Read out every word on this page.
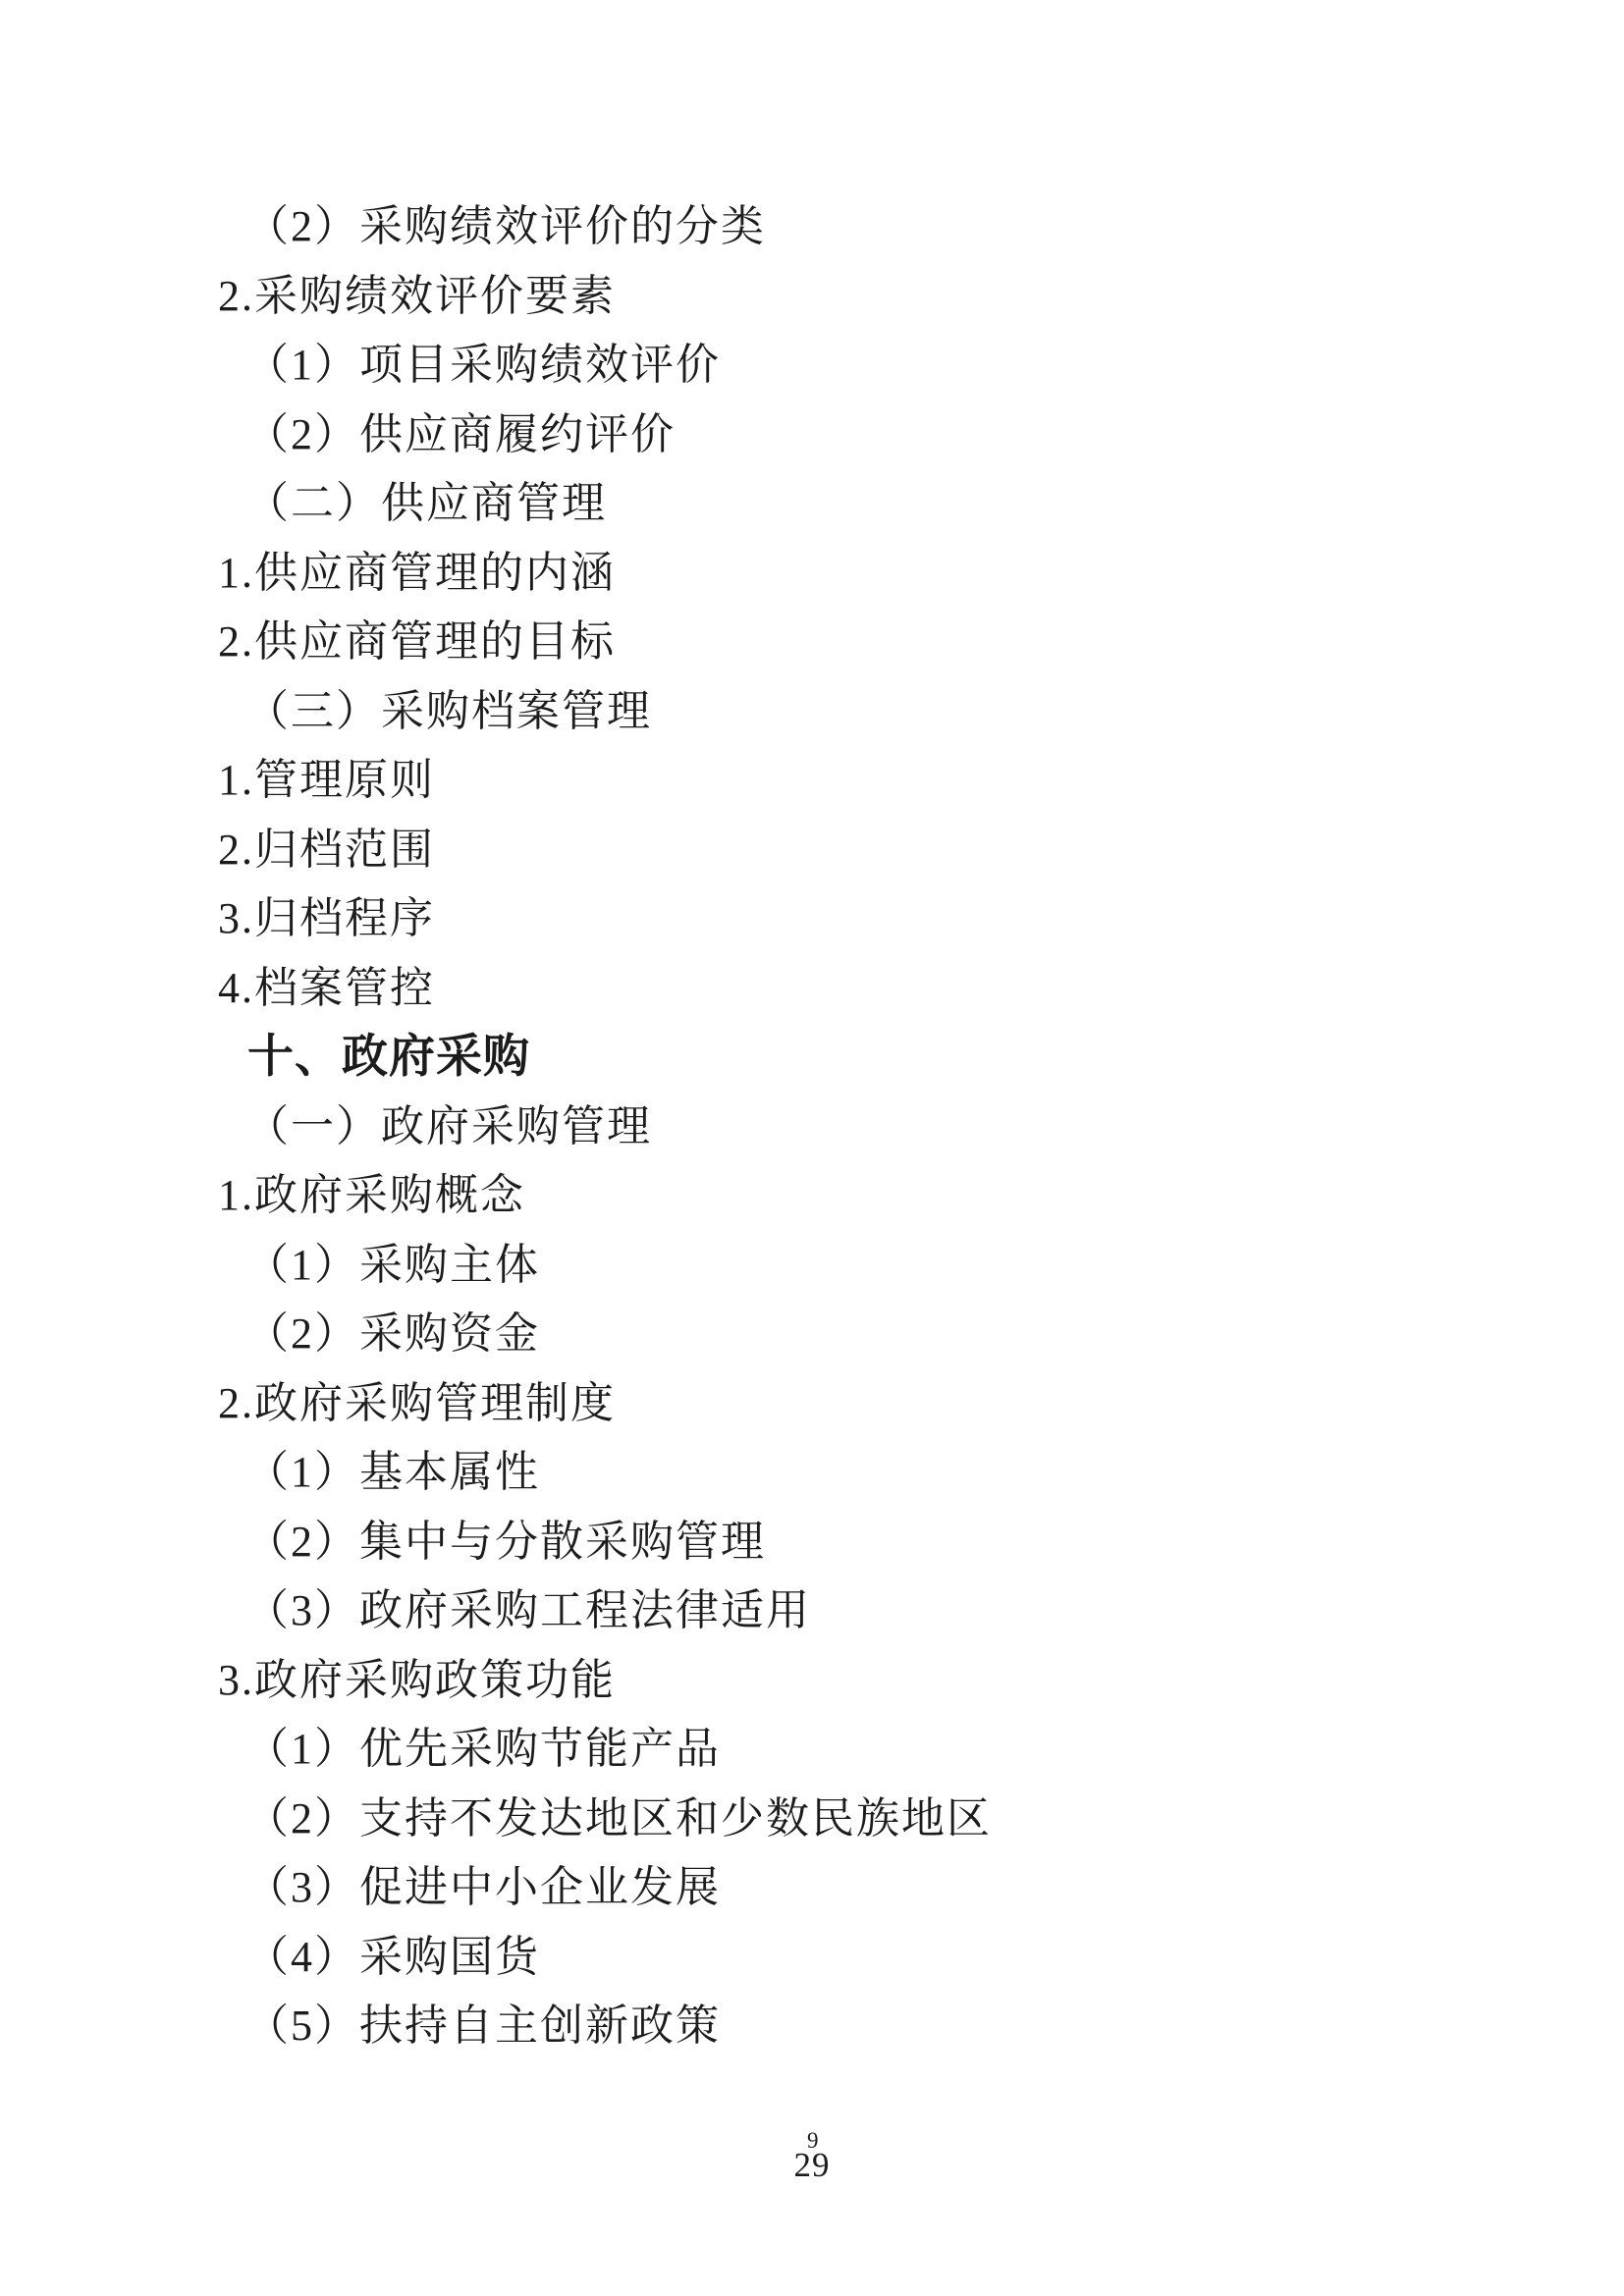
（2）采购绩效评价的分类
2.采购绩效评价要素
（1）项目采购绩效评价
（2）供应商履约评价
（二）供应商管理
1.供应商管理的内涵
2.供应商管理的目标
（三）采购档案管理
1.管理原则
2.归档范围
3.归档程序
4.档案管控
十、政府采购
（一）政府采购管理
1.政府采购概念
（1）采购主体
（2）采购资金
2.政府采购管理制度
（1）基本属性
（2）集中与分散采购管理
（3）政府采购工程法律适用
3.政府采购政策功能
（1）优先采购节能产品
（2）支持不发达地区和少数民族地区
（3）促进中小企业发展
（4）采购国货
（5）扶持自主创新政策
9
29
